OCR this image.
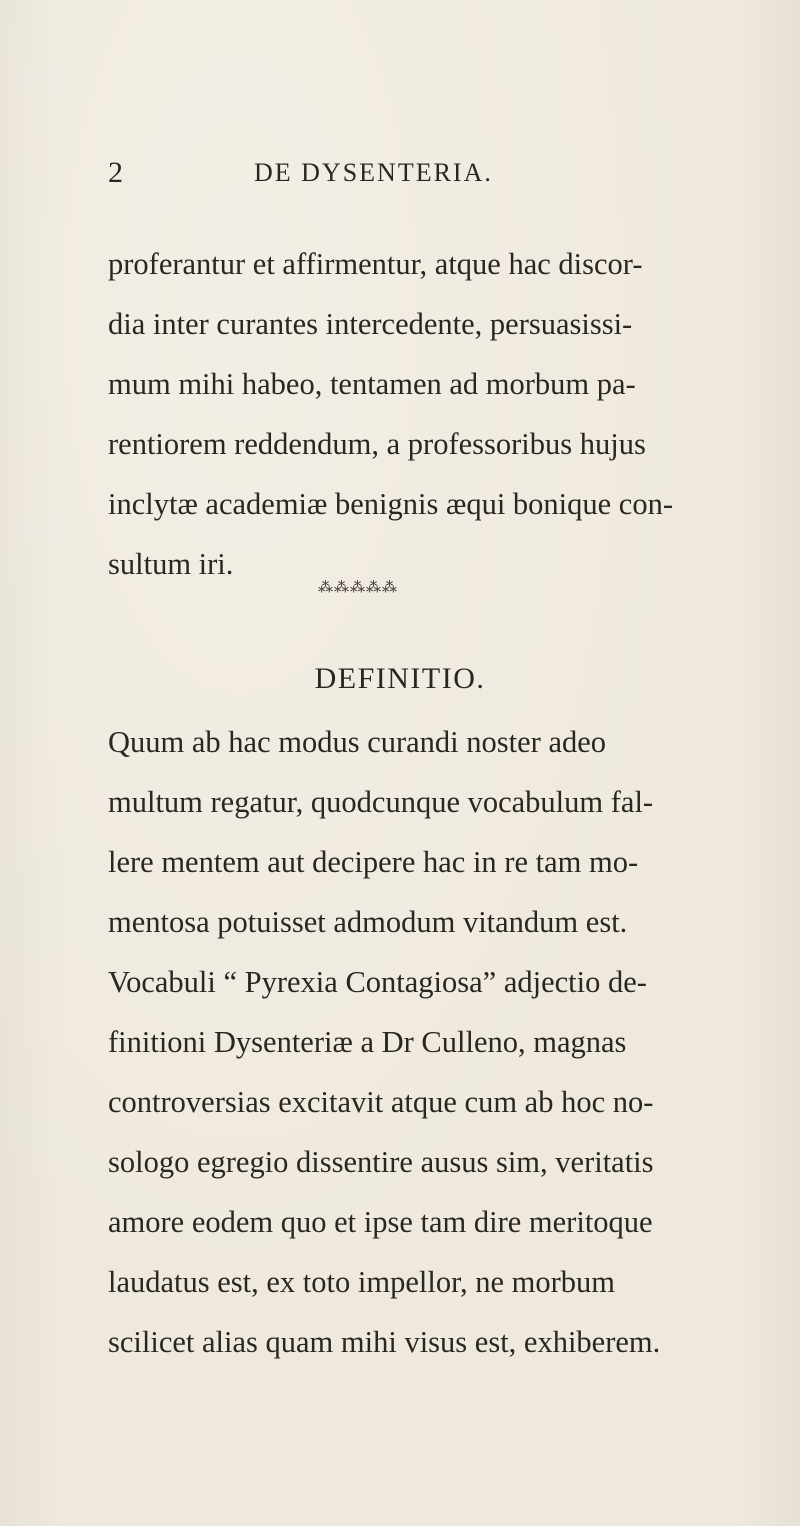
2	DE DYSENTERIA.
proferantur et affirmentur, atque hac discor-
dia inter curantes intercedente, persuasissi-
mum mihi habeo, tentamen ad morbum pa-
rentiorem reddendum, a professoribus hujus
inclytæ academiæ benignis æqui bonique con-
sultum iri.
⁂⁂⁂⁂⁂
DEFINITIO.
Quum ab hac modus curandi noster adeo
multum regatur, quodcunque vocabulum fal-
lere mentem aut decipere hac in re tam mo-
mentosa potuisset admodum vitandum est.
Vocabuli “ Pyrexia Contagiosa” adjectio de-
finitioni Dysenteriæ a Dr Culleno, magnas
controversias excitavit atque cum ab hoc no-
sologo egregio dissentire ausus sim, veritatis
amore eodem quo et ipse tam dire meritoque
laudatus est, ex toto impellor, ne morbum
scilicet alias quam mihi visus est, exhiberem.
